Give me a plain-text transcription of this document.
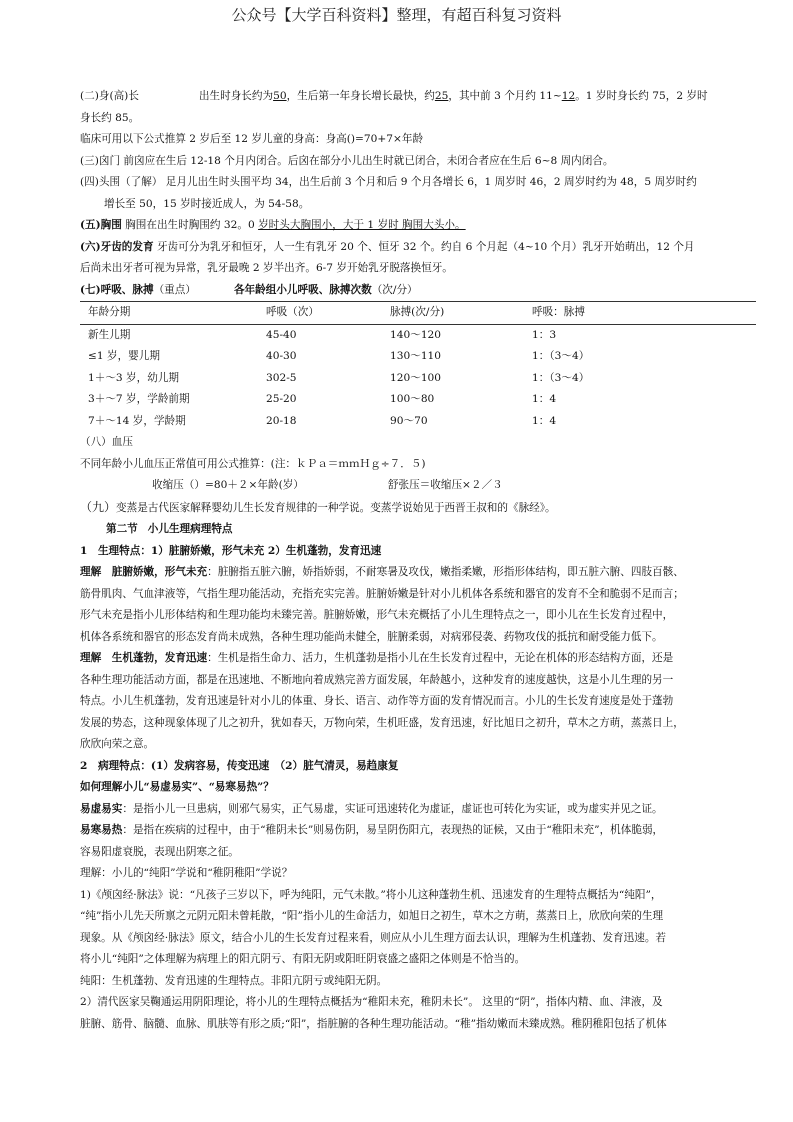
公众号【大学百科资料】整理，有超百科复习资料

(二)身(高)长	出生时身长约为50，生后第一年身长增长最快，约25，其中前 3 个月约 11~12。1 岁时身长约 75，2 岁时

身长约 85。

临床可用以下公式推算 2 岁后至 12 岁儿童的身高：身高()=70+7×年龄

(三)囟门 前囟应在生后 12-18 个月内闭合。后囟在部分小儿出生时就已闭合，未闭合者应在生后 6~8 周内闭合。

(四)头围（了解） 足月儿出生时头围平均 34，出生后前 3 个月和后 9 个月各增长 6，1 周岁时 46，2 周岁时约为 48，5 周岁时约

增长至 50，15 岁时接近成人，为 54-58。

(五)胸围 胸围在出生时胸围约 32。0 岁时头大胸围小，大于 1 岁时 胸围大头小。

(六)牙齿的发育 牙齿可分为乳牙和恒牙，人一生有乳牙 20 个、恒牙 32 个。约自 6 个月起（4~10 个月）乳牙开始萌出，12 个月

后尚未出牙者可视为异常，乳牙最晚 2 岁半出齐。6-7 岁开始乳牙脱落换恒牙。

(七)呼吸、脉搏（重点）	各年龄组小儿呼吸、脉搏次数（次/分）

年龄分期	呼吸（次）	脉搏(次/分)	呼吸：脉搏
新生儿期	45-40	140～120	1：3
≤1 岁，婴儿期	40-30	130～110	1：（3～4）
1＋～3 岁，幼儿期	302-5	120～100	1：（3～4）
3＋～7 岁，学龄前期	25-20	100～80	1：4
7＋～14 岁，学龄期	20-18	90～70	1：4

（八）血压

不同年龄小儿血压正常值可用公式推算：(注：ｋＰａ＝ｍｍＨｇ÷７．５)

收缩压（）=80＋２×年龄(岁）	舒张压＝收缩压×２／３

（九）变蒸是古代医家解释婴幼儿生长发育规律的一种学说。变蒸学说始见于西晋王叔和的《脉经》。

第二节 小儿生理病理特点

1　生理特点：1）脏腑娇嫩，形气未充 2）生机蓬勃，发育迅速

理解　脏腑娇嫩，形气未充：脏腑指五脏六腑，娇指娇弱，不耐寒暑及攻伐，嫩指柔嫩，形指形体结构，即五脏六腑、四肢百骸、

筋骨肌肉、气血津液等，气指生理功能活动，充指充实完善。脏腑娇嫩是针对小儿机体各系统和器官的发育不全和脆弱不足而言；

形气未充是指小儿形体结构和生理功能均未臻完善。脏腑娇嫩，形气未充概括了小儿生理特点之一，即小儿在生长发育过程中，

机体各系统和器官的形态发育尚未成熟，各种生理功能尚未健全，脏腑柔弱，对病邪侵袭、药物攻伐的抵抗和耐受能力低下。

理解　生机蓬勃，发育迅速：生机是指生命力、活力，生机蓬勃是指小儿在生长发育过程中，无论在机体的形态结构方面，还是

各种生理功能活动方面，都是在迅速地、不断地向着成熟完善方面发展，年龄越小，这种发育的速度越快，这是小儿生理的另一

特点。小儿生机蓬勃，发育迅速是针对小儿的体重、身长、语言、动作等方面的发育情况而言。小儿的生长发育速度是处于蓬勃

发展的势态，这种现象体现了儿之初升，犹如春天，万物向荣，生机旺盛，发育迅速，好比旭日之初升，草木之方萌，蒸蒸日上，

欣欣向荣之意。

2　病理特点：(1）发病容易，传变迅速　（2）脏气清灵，易趋康复

如何理解小儿“易虚易实”、“易寒易热”？

易虚易实：是指小儿一旦患病，则邪气易实，正气易虚，实证可迅速转化为虚证，虚证也可转化为实证，或为虚实并见之证。

易寒易热：是指在疾病的过程中，由于“稚阴未长”则易伤阴，易呈阴伤阳亢，表现热的证候，又由于“稚阳未充”，机体脆弱，

容易阳虚衰脱，表现出阴寒之征。

理解：小儿的“纯阳”学说和“稚阴稚阳”学说？

1)《颅囟经·脉法》说：“凡孩子三岁以下，呼为纯阳，元气未散。”将小儿这种蓬勃生机、迅速发育的生理特点概括为“纯阳”，

“纯”指小儿先天所禀之元阴元阳未曾耗散，“阳”指小儿的生命活力，如旭日之初生，草木之方萌，蒸蒸日上，欣欣向荣的生理

现象。从《颅囟经·脉法》原文，结合小儿的生长发育过程来看，则应从小儿生理方面去认识，理解为生机蓬勃、发育迅速。若

将小儿“纯阳”之体理解为病理上的阳亢阴亏、有阳无阴或阳旺阴衰盛之盛阳之体则是不恰当的。

纯阳：生机蓬勃、发育迅速的生理特点。非阳亢阴亏或纯阳无阴。

2）清代医家吴鞠通运用阴阳理论，将小儿的生理特点概括为“稚阳未充，稚阴未长”。 这里的“阴”，指体内精、血、津液，及

脏腑、筋骨、脑髓、血脉、肌肤等有形之质;“阳”，指脏腑的各种生理功能活动。“稚”指幼嫩而未臻成熟。稚阴稚阳包括了机体
